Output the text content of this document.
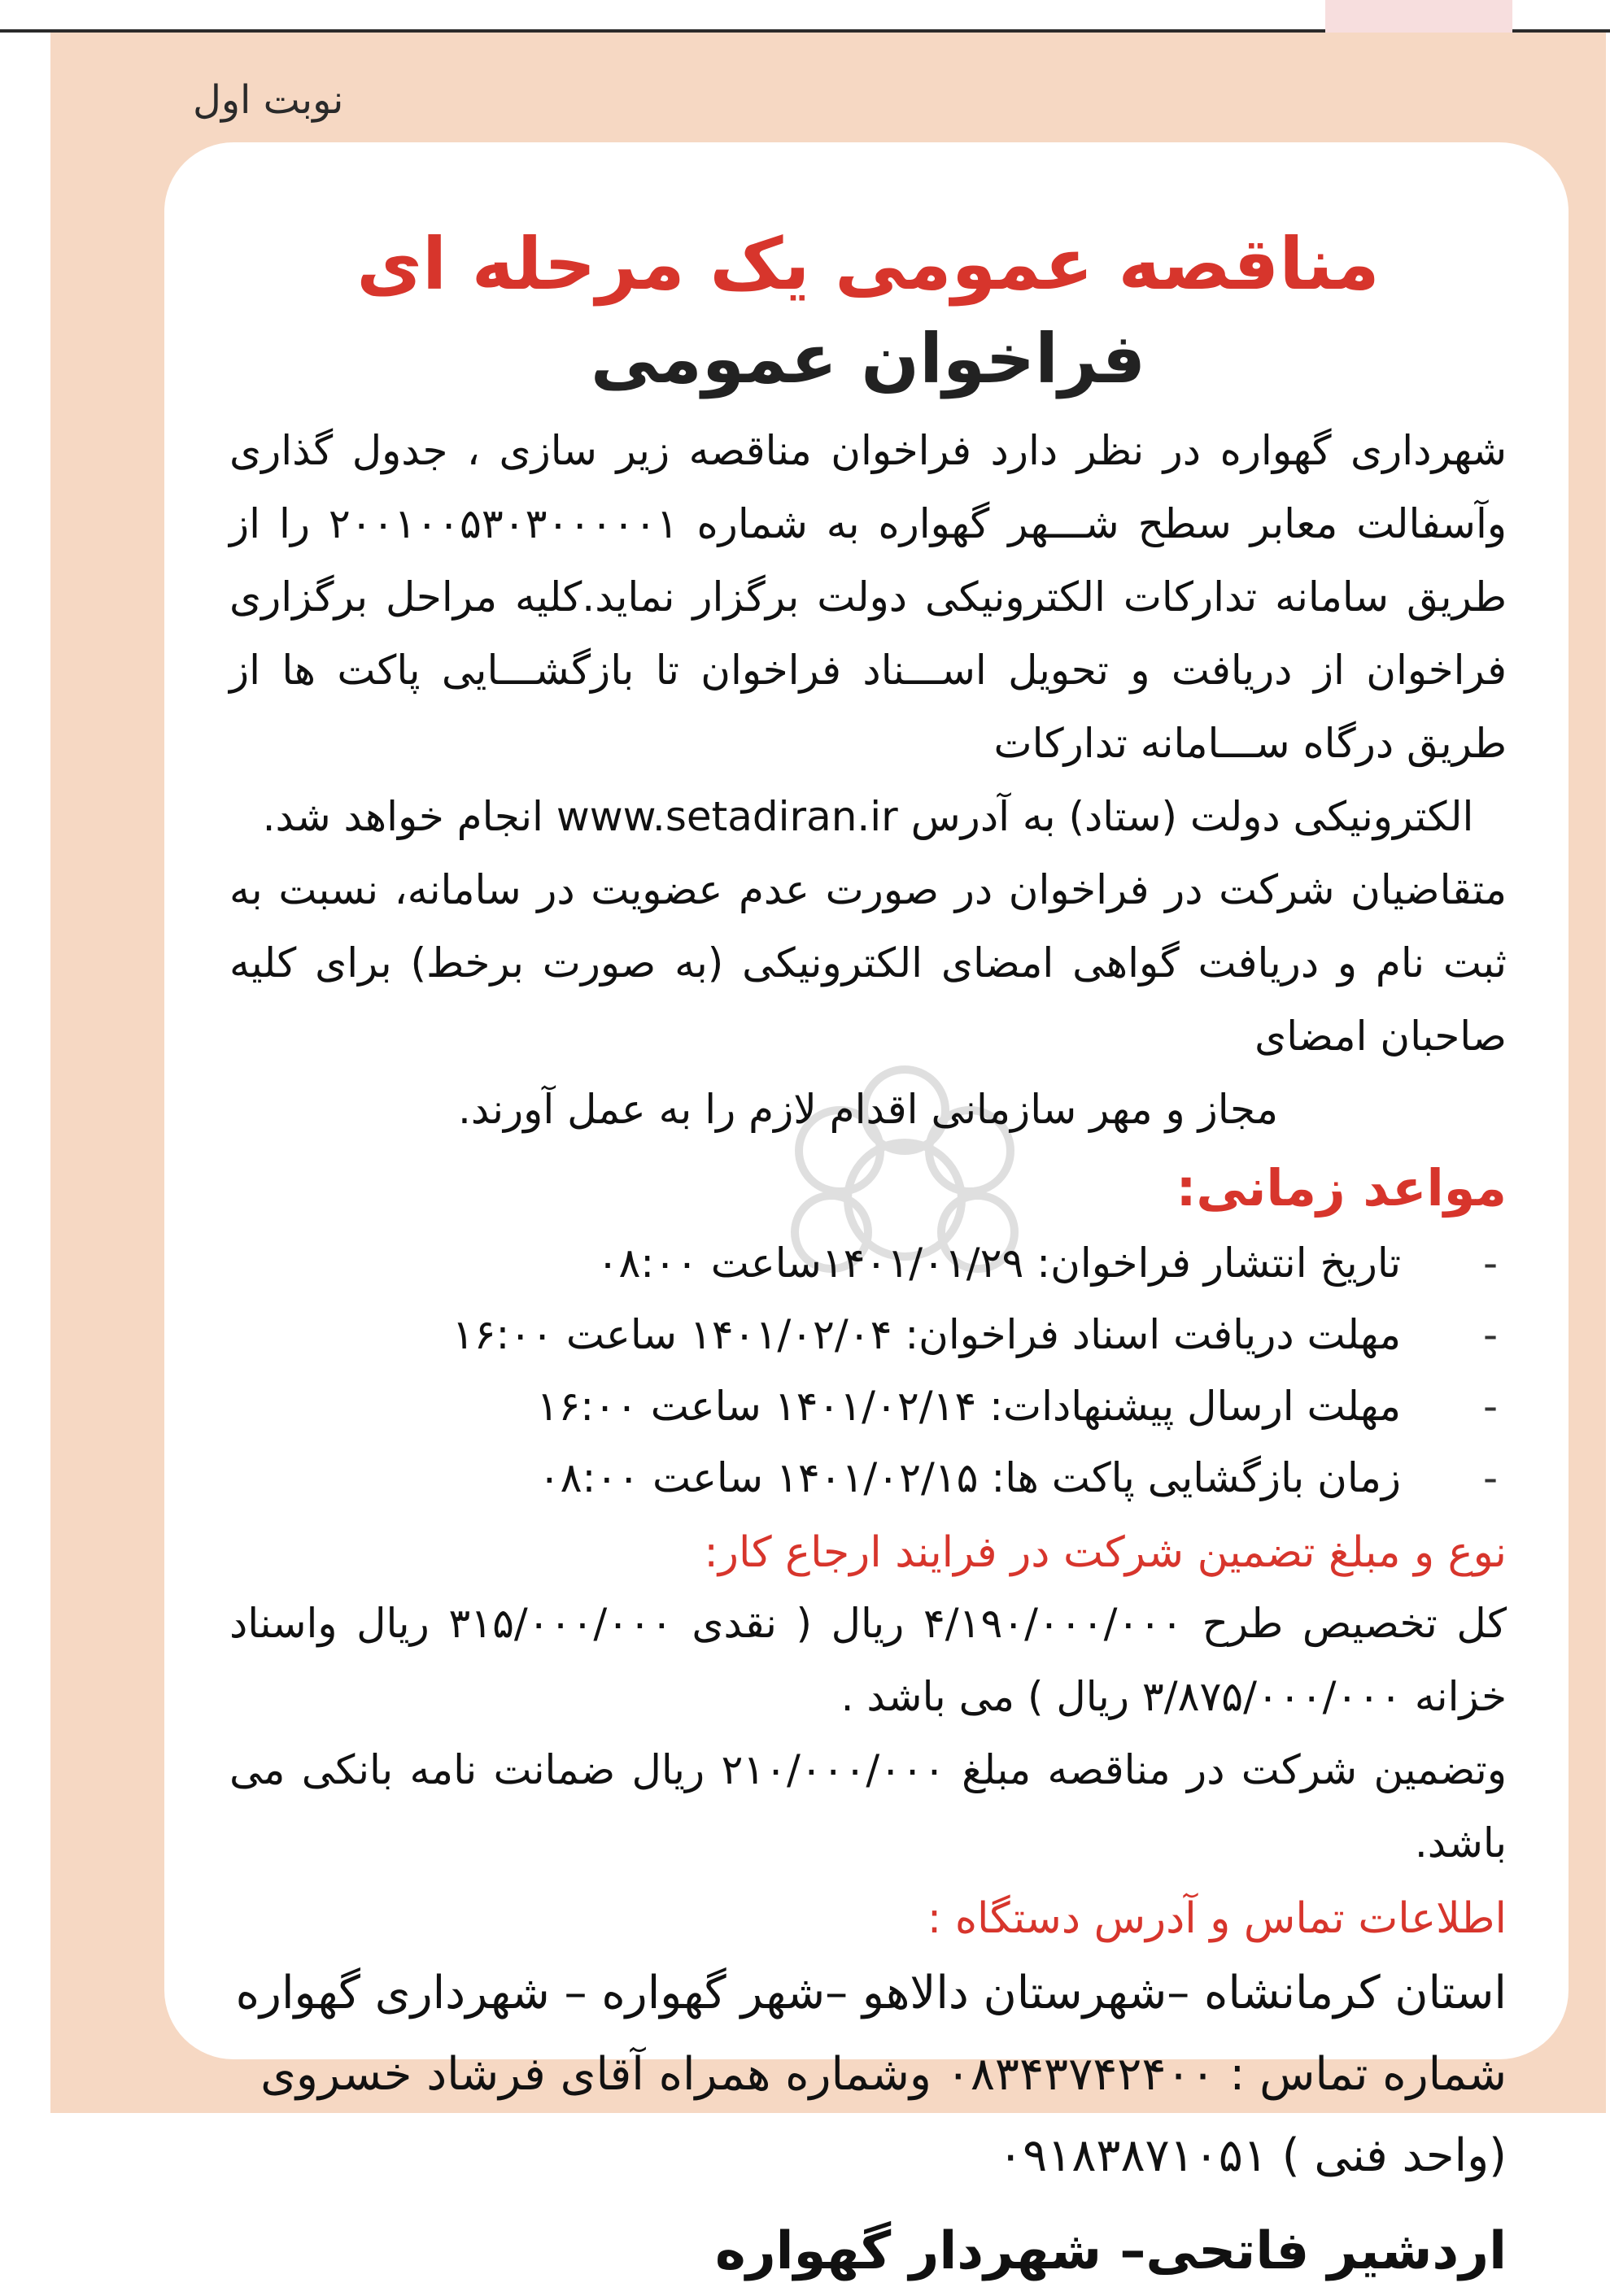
نوبت اول
مناقصه عمومی یک مرحله ای
فراخوان عمومی
شهرداری گهواره در نظر دارد فراخوان مناقصه زیر سازی ، جدول گذاری وآسفالت معابر سطح شـــهر گهواره به شماره ۲۰۰۱۰۰۵۳۰۳۰۰۰۰۰۱ را از طریق سامانه تدارکات الکترونیکی دولت برگزار نماید.کلیه مراحل برگزاری فراخوان از دریافت و تحویل اســـناد فراخوان تا بازگشـــایی پاکت ها از طریق درگاه ســـامانه تدارکات
الکترونیکی دولت (ستاد) به آدرس www.setadiran.ir انجام خواهد شد.
متقاضیان شرکت در فراخوان در صورت عدم عضویت در سامانه، نسبت به ثبت نام و دریافت گواهی امضای الکترونیکی (به صورت برخط) برای کلیه صاحبان امضای
مجاز و مهر سازمانی اقدام لازم را به عمل آورند.
مواعد زمانی:
-
تاریخ انتشار فراخوان: ۱۴۰۱/۰۱/۲۹ساعت ۰۸:۰۰
-
مهلت دریافت اسناد فراخوان: ۱۴۰۱/۰۲/۰۴ ساعت ۱۶:۰۰
-
مهلت ارسال پیشنهادات: ۱۴۰۱/۰۲/۱۴ ساعت ۱۶:۰۰
-
زمان بازگشایی پاکت ها: ۱۴۰۱/۰۲/۱۵ ساعت ۰۸:۰۰
نوع و مبلغ تضمین شرکت در فرایند ارجاع کار:
کل تخصیص طرح ۴/۱۹۰/۰۰۰/۰۰۰ ریال ( نقدی ۳۱۵/۰۰۰/۰۰۰ ریال واسناد خزانه ۳/۸۷۵/۰۰۰/۰۰۰ ریال ) می باشد .
وتضمین شرکت در مناقصه مبلغ ۲۱۰/۰۰۰/۰۰۰ ریال ضمانت نامه بانکی می باشد.
اطلاعات تماس و آدرس دستگاه :
استان کرمانشاه –شهرستان دالاهو –شهر گهواره – شهرداری گهواره
شماره تماس : ۰۸۳۴۳۷۴۲۴۰۰ وشماره همراه آقای فرشاد خسروی (واحد فنی ) ۰۹۱۸۳۸۷۱۰۵۱
اردشیر فاتحی– شهردار گهواره
